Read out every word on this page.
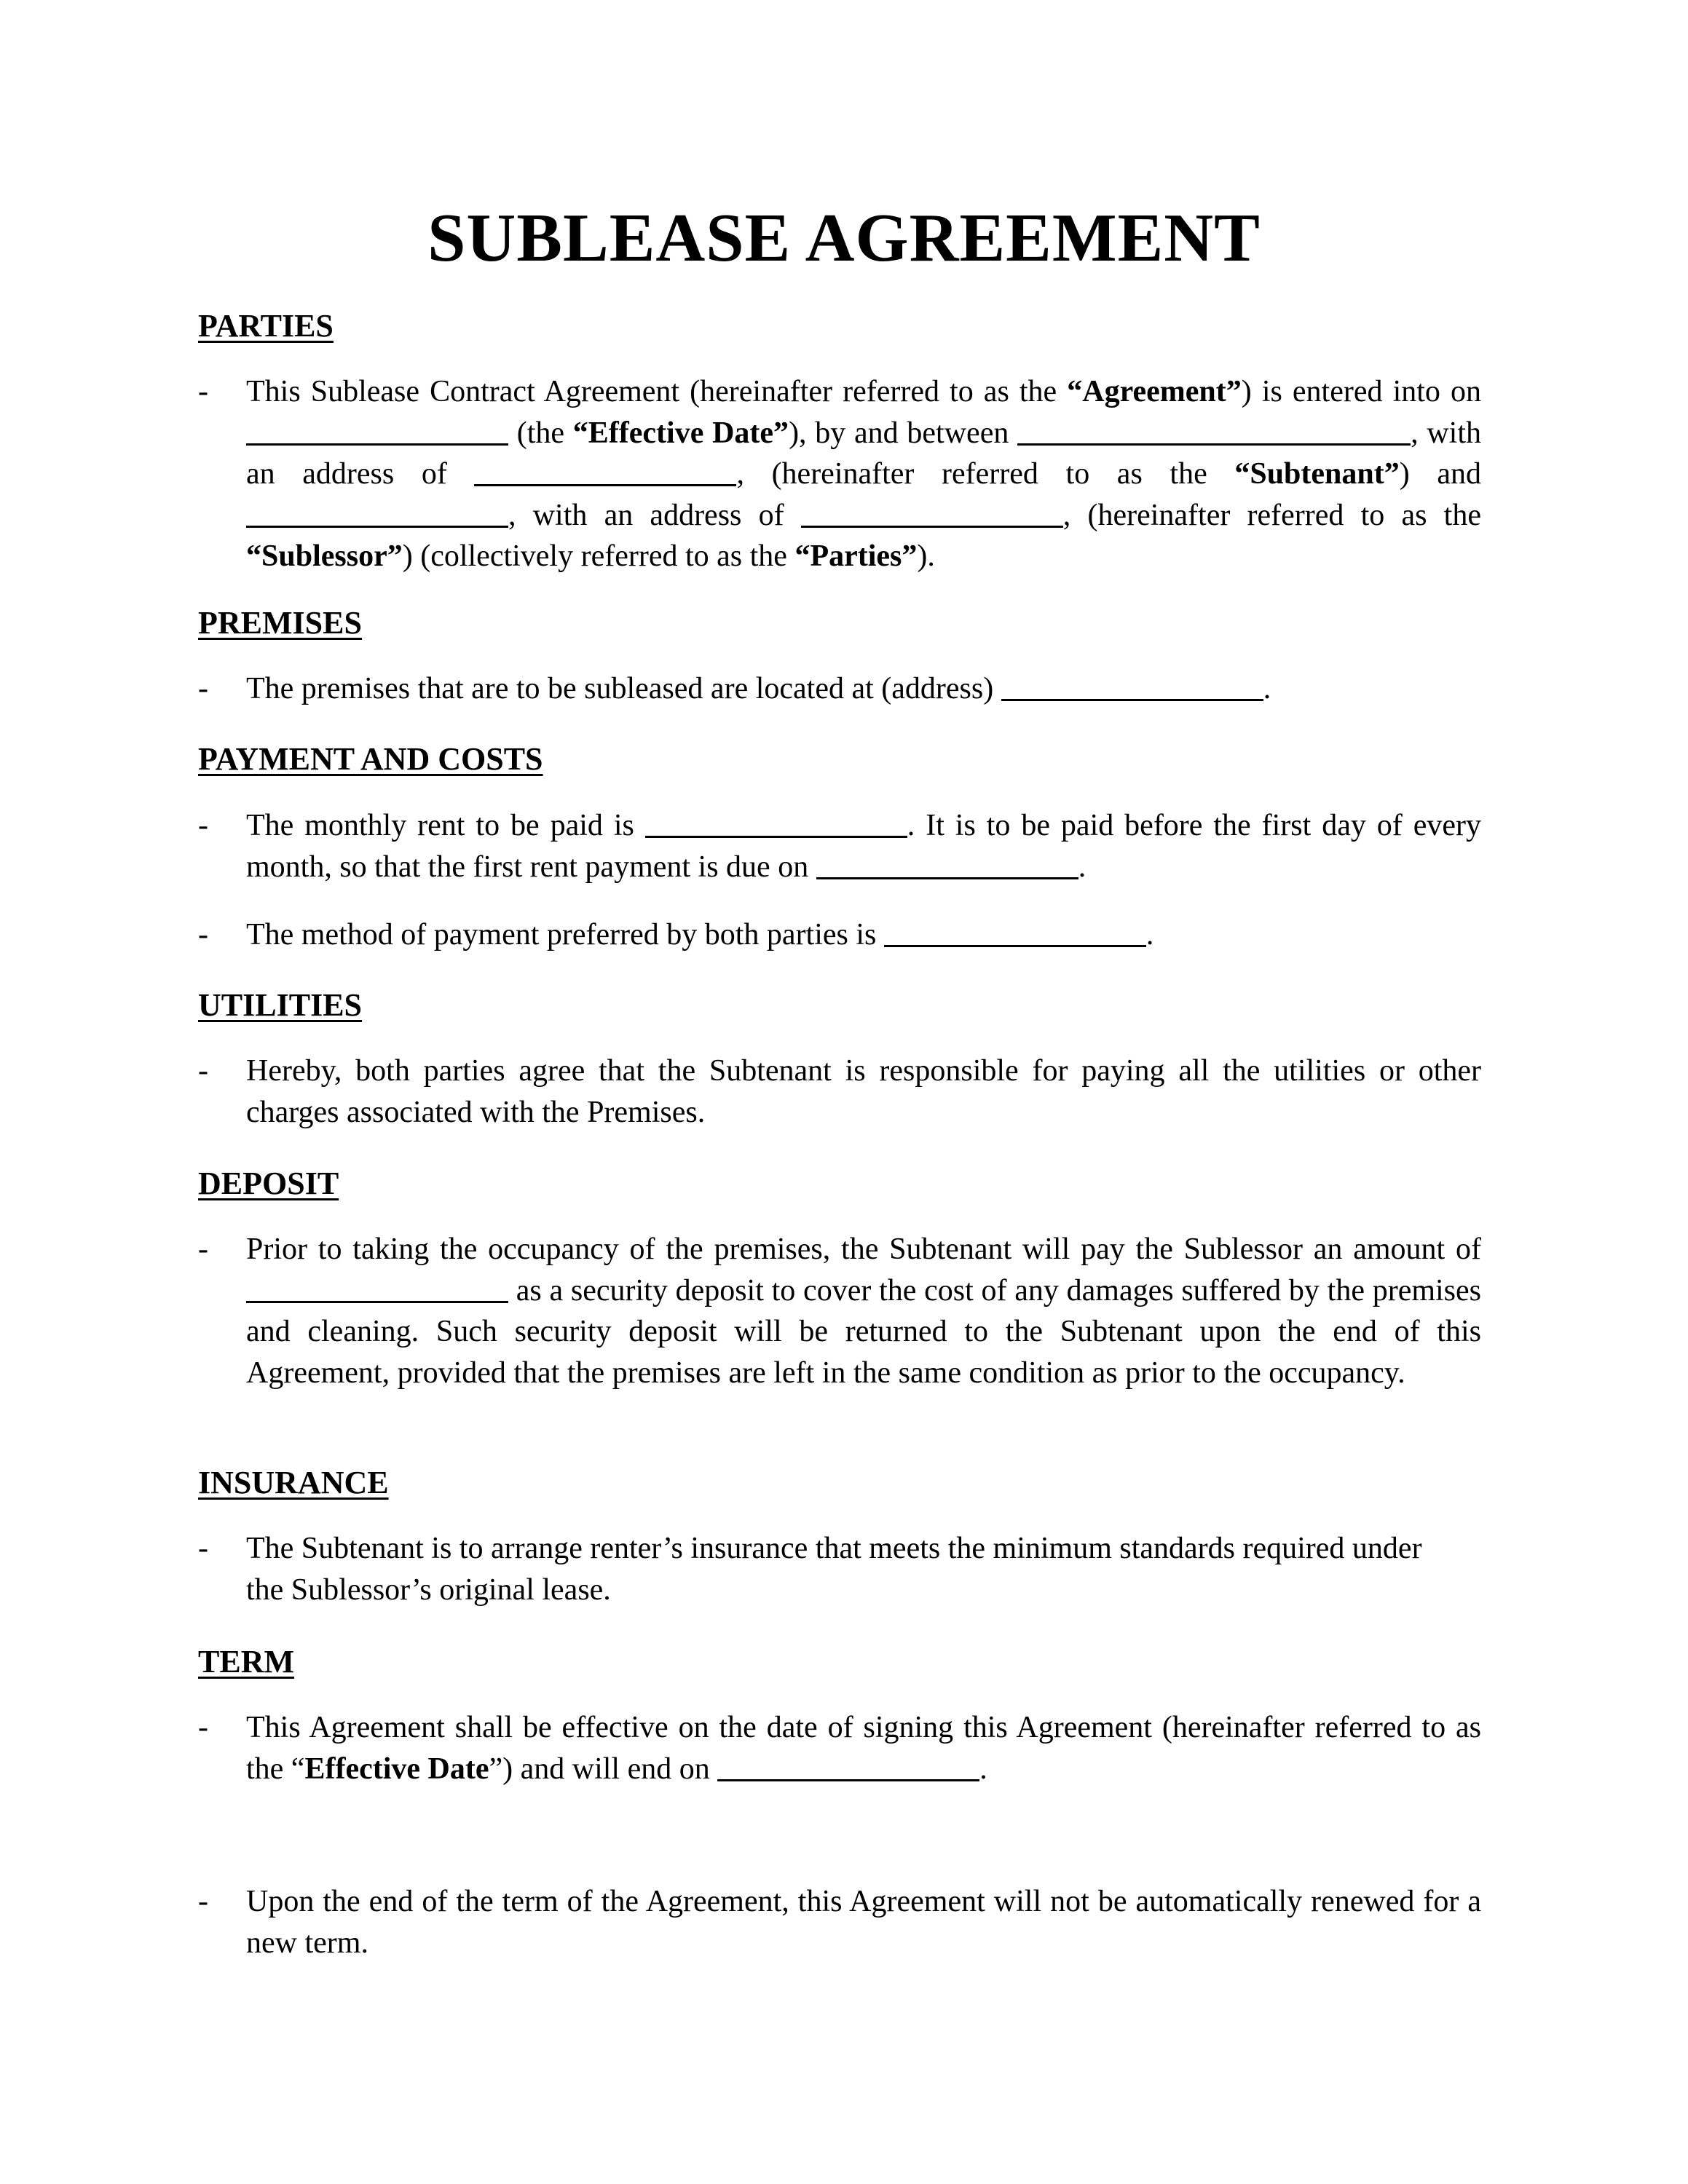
SUBLEASE AGREEMENT
PARTIES
- This Sublease Contract Agreement (hereinafter referred to as the “Agreement”) is entered into on  (the “Effective Date”), by and between	, with an address of	, (hereinafter referred to as the “Subtenant”) and , with an address of	, (hereinafter referred to as the “Sublessor”) (collectively referred to as the “Parties”).
PREMISES
- The premises that are to be subleased are located at (address)	.
PAYMENT AND COSTS
- The monthly rent to be paid is	. It is to be paid before the first day of every month, so that the first rent payment is due on	.
- The method of payment preferred by both parties is	.
UTILITIES
- Hereby, both parties agree that the Subtenant is responsible for paying all the utilities or other charges associated with the Premises.
DEPOSIT
- Prior to taking the occupancy of the premises, the Subtenant will pay the Sublessor an amount of  as a security deposit to cover the cost of any damages suffered by the premises and cleaning. Such security deposit will be returned to the Subtenant upon the end of this Agreement, provided that the premises are left in the same condition as prior to the occupancy.
INSURANCE
- The Subtenant is to arrange renter’s insurance that meets the minimum standards required under the Sublessor’s original lease.
TERM
- This Agreement shall be effective on the date of signing this Agreement (hereinafter referred to as the “Effective Date”) and will end on	.
- Upon the end of the term of the Agreement, this Agreement will not be automatically renewed for a new term.
